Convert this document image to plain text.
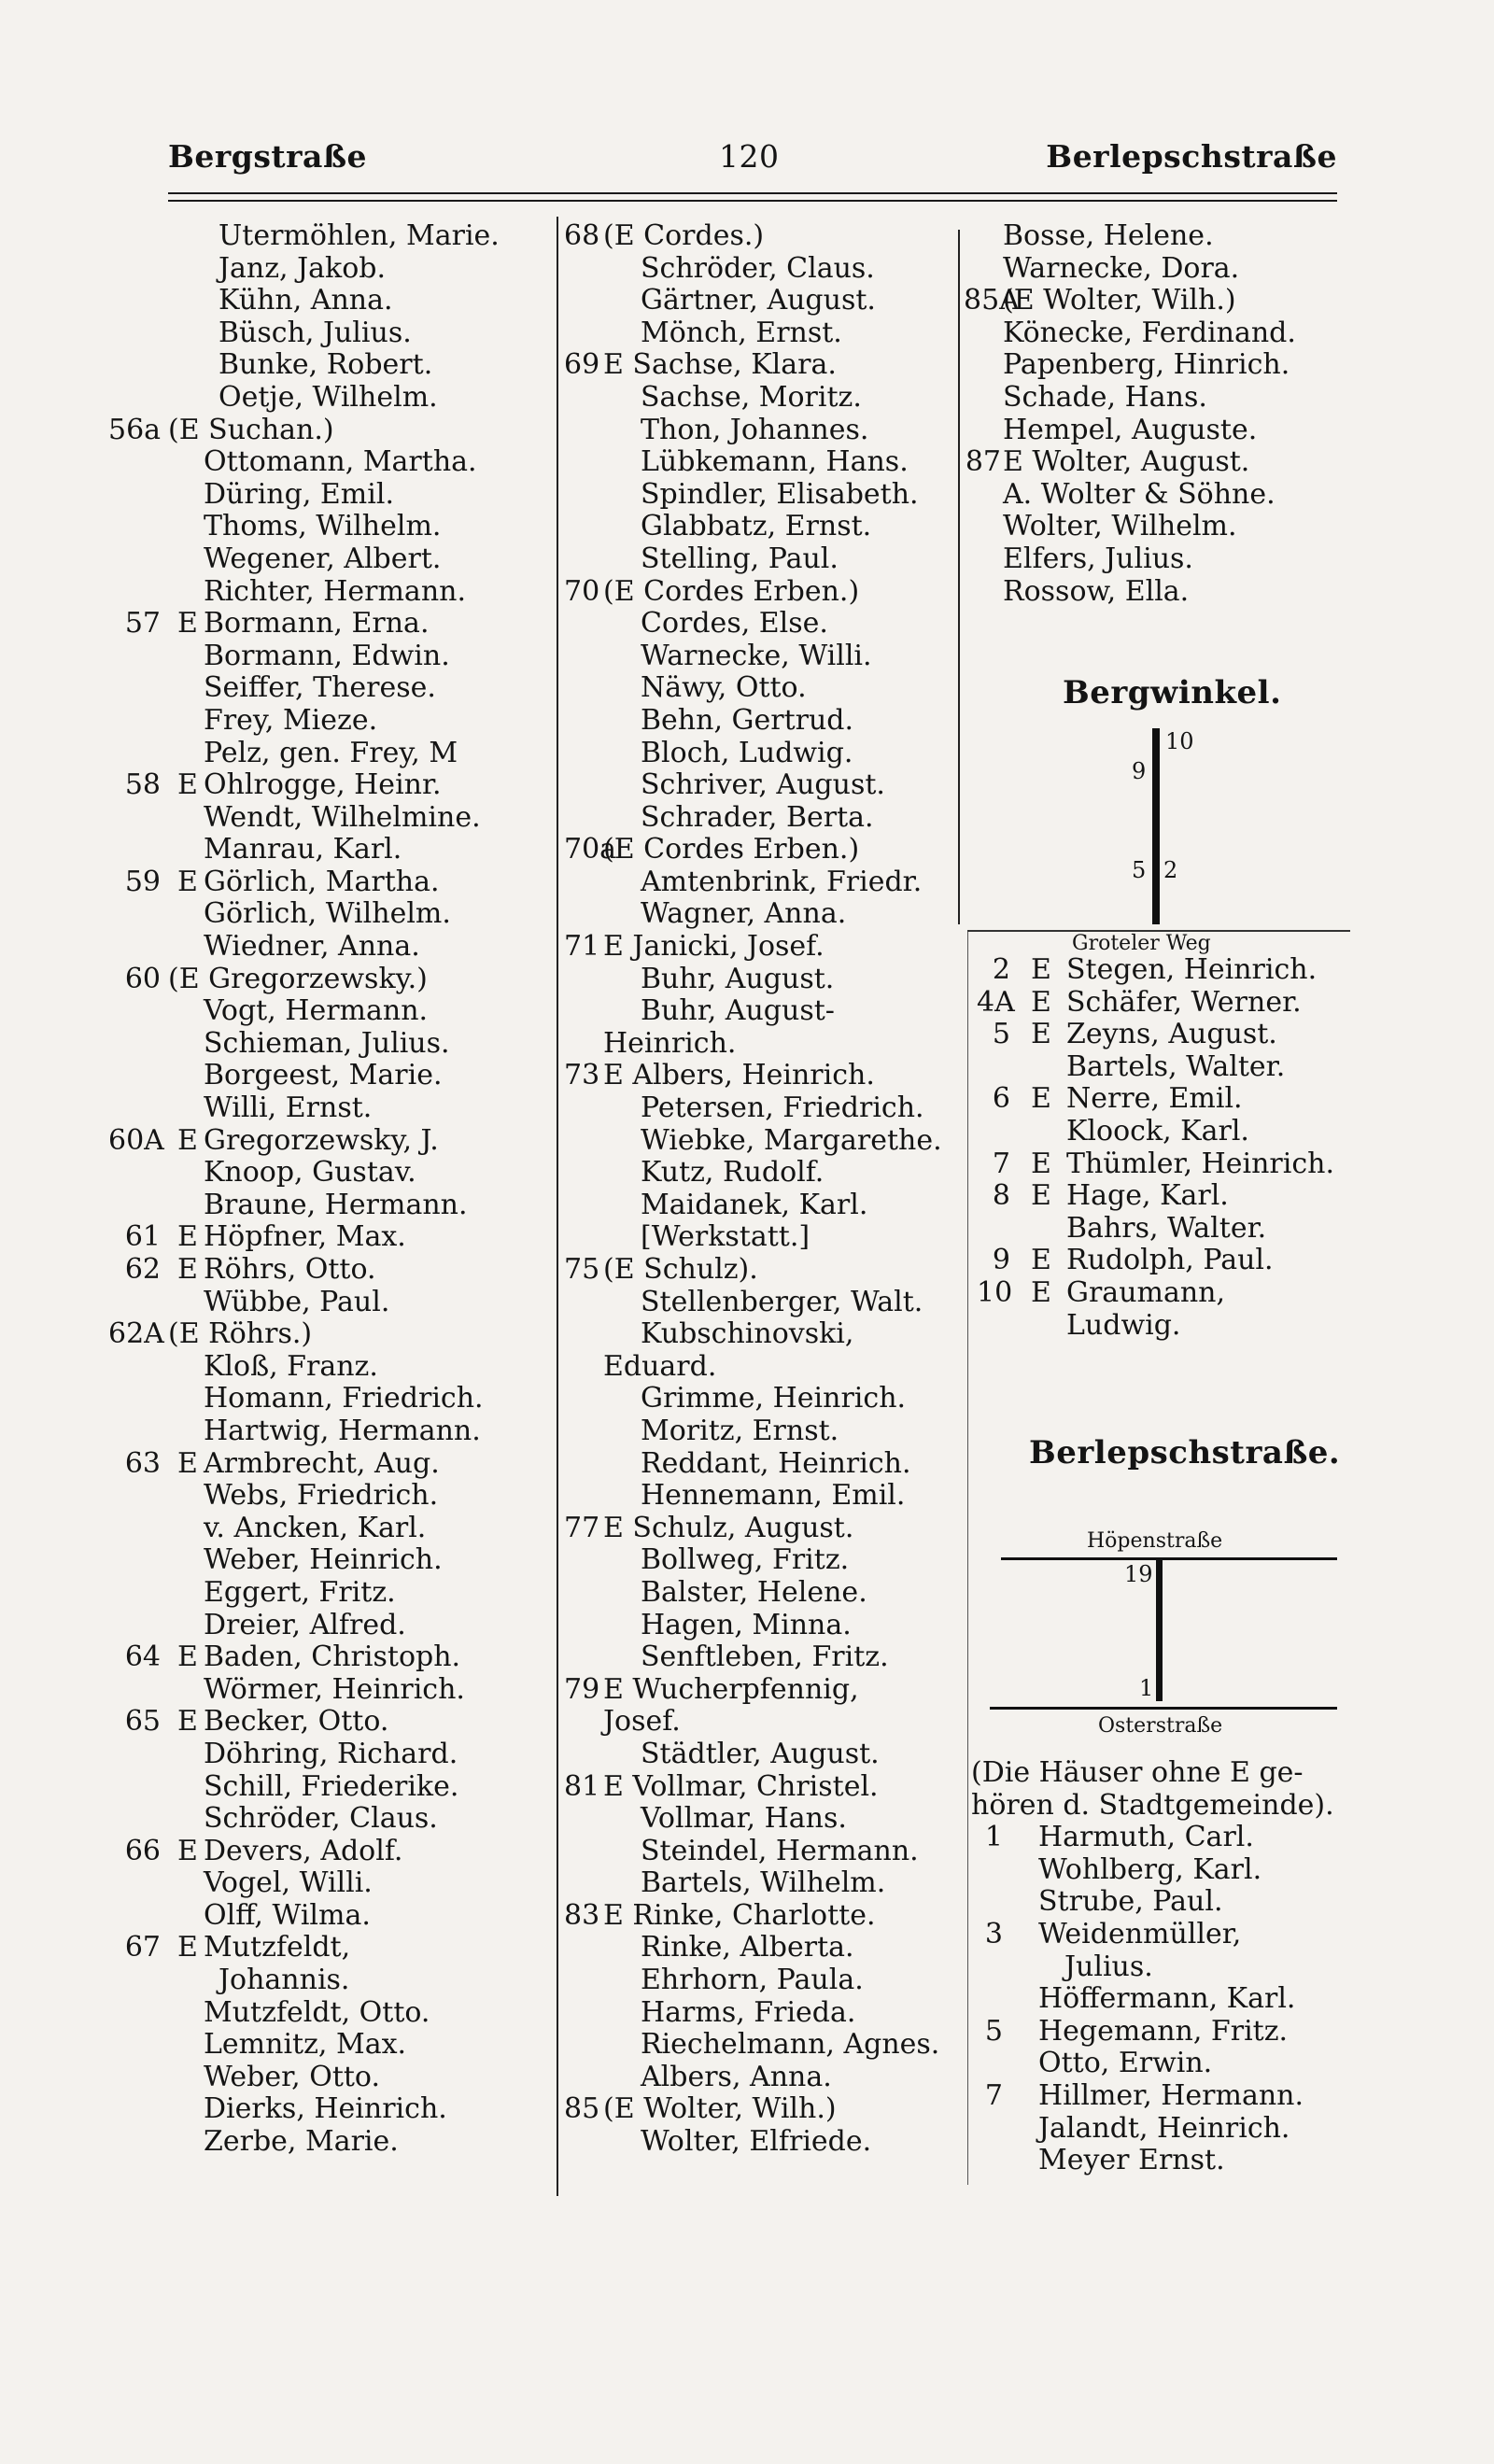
Bergstraße	120	Berlepschstraße
Utermöhlen, Marie.
Janz, Jakob.
Kühn, Anna.
Büsch, Julius.
Bunke, Robert.
Oetje, Wilhelm.
56a (E Suchan.)
Ottomann, Martha.
Düring, Emil.
Thoms, Wilhelm.
Wegener, Albert.
Richter, Hermann.
57 E Bormann, Erna.
Bormann, Edwin.
Seiffer, Therese.
Frey, Mieze.
Pelz, gen. Frey, M
58 E Ohlrogge, Heinr.
Wendt, Wilhelmine.
Manrau, Karl.
59 E Görlich, Martha.
Görlich, Wilhelm.
Wiedner, Anna.
60 (E Gregorzewsky.)
Vogt, Hermann.
Schieman, Julius.
Borgeest, Marie.
Willi, Ernst.
60A E Gregorzewsky, J.
Knoop, Gustav.
Braune, Hermann.
61 E Höpfner, Max.
62 E Röhrs, Otto.
Wübbe, Paul.
62A (E Röhrs.)
Kloß, Franz.
Homann, Friedrich.
Hartwig, Hermann.
63 E Armbrecht, Aug.
Webs, Friedrich.
v. Ancken, Karl.
Weber, Heinrich.
Eggert, Fritz.
Dreier, Alfred.
64 E Baden, Christoph.
Wörmer, Heinrich.
65 E Becker, Otto.
Döhring, Richard.
Schill, Friederike.
Schröder, Claus.
66 E Devers, Adolf.
Vogel, Willi.
Olff, Wilma.
67 E Mutzfeldt,
Johannis.
Mutzfeldt, Otto.
Lemnitz, Max.
Weber, Otto.
Dierks, Heinrich.
Zerbe, Marie.
68 (E Cordes.)
Schröder, Claus.
Gärtner, August.
Mönch, Ernst.
69 E Sachse, Klara.
Sachse, Moritz.
Thon, Johannes.
Lübkemann, Hans.
Spindler, Elisabeth.
Glabbatz, Ernst.
Stelling, Paul.
70 (E Cordes Erben.)
Cordes, Else.
Warnecke, Willi.
Näwy, Otto.
Behn, Gertrud.
Bloch, Ludwig.
Schriver, August.
Schrader, Berta.
70a
(E Cordes Erben.)
Amtenbrink, Friedr.
Wagner, Anna.
71 E Janicki, Josef.
Buhr, August.
Buhr, August-
Heinrich.
73 E Albers, Heinrich.
Petersen, Friedrich.
Wiebke, Margarethe.
Kutz, Rudolf.
Maidanek, Karl.
[Werkstatt.]
75 (E Schulz).
Stellenberger, Walt.
Kubschinovski,
Eduard.
Grimme, Heinrich.
Moritz, Ernst.
Reddant, Heinrich.
Hennemann, Emil.
77 E Schulz, August.
Bollweg, Fritz.
Balster, Helene.
Hagen, Minna.
Senftleben, Fritz.
79 E Wucherpfennig,
Josef.
Städtler, August.
81 E Vollmar, Christel.
Vollmar, Hans.
Steindel, Hermann.
Bartels, Wilhelm.
83 E Rinke, Charlotte.
Rinke, Alberta.
Ehrhorn, Paula.
Harms, Frieda.
Riechelmann, Agnes.
Albers, Anna.
85 (E Wolter, Wilh.)
Wolter, Elfriede.
Bosse, Helene.
Warnecke, Dora.
85A
(E Wolter, Wilh.)
Könecke, Ferdinand.
Papenberg, Hinrich.
Schade, Hans.
Hempel, Auguste.
87 E Wolter, August.
A. Wolter & Söhne.
Wolter, Wilhelm.
Elfers, Julius.
Rossow, Ella.
Bergwinkel.
10
9
5 2
Groteler Weg
2 E Stegen, Heinrich.
4A E Schäfer, Werner.
5 E Zeyns, August.
Bartels, Walter.
6 E Nerre, Emil.
Kloock, Karl.
7 E Thümler, Heinrich.
8 E Hage, Karl.
Bahrs, Walter.
9 E Rudolph, Paul.
10 E Graumann,
Ludwig.
Berlepschstraße.
Höpenstraße
19
1
Osterstraße
(Die Häuser ohne E ge-
hören d. Stadtgemeinde).
1 Harmuth, Carl.
Wohlberg, Karl.
Strube, Paul.
3 Weidenmüller,
Julius.
Höffermann, Karl.
5 Hegemann, Fritz.
Otto, Erwin.
7 Hillmer, Hermann.
Jalandt, Heinrich.
Meyer Ernst.
